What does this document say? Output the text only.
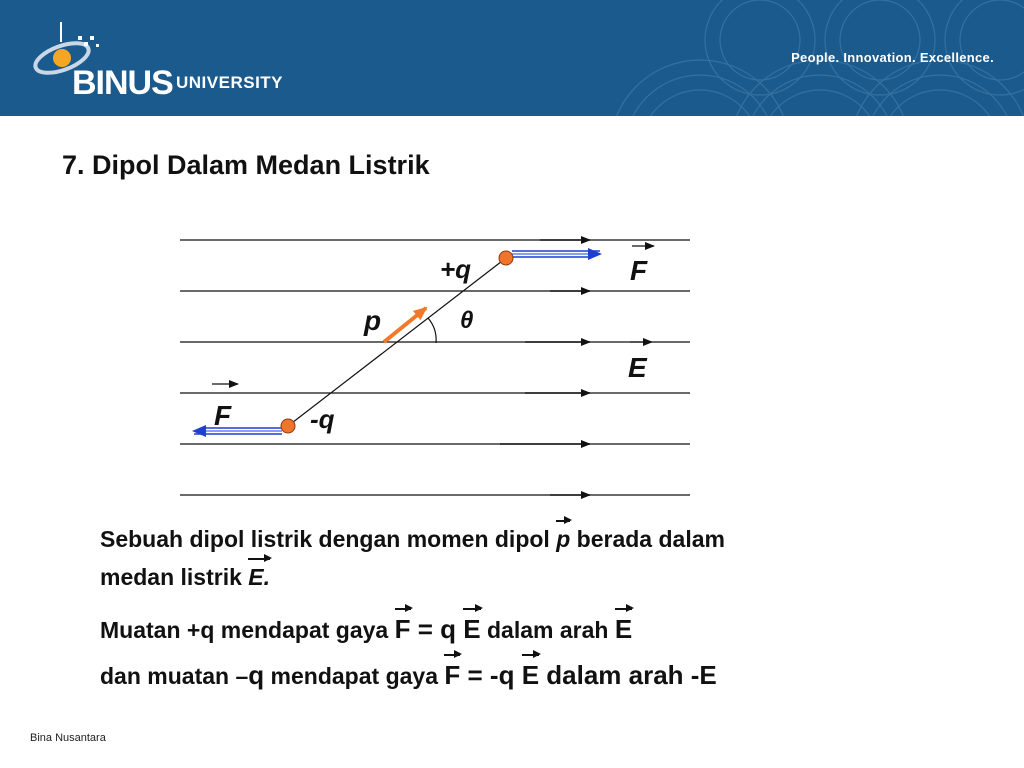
BINUS UNIVERSITY
People. Innovation. Excellence.
7. Dipol Dalam Medan Listrik
+q
-q
p	θ
F
E
F
Sebuah dipol listrik dengan momen dipol p berada dalam
medan listrik E.
Muatan +q mendapat gaya F = q E dalam arah E
dan muatan –q mendapat gaya F = -q E dalam arah -E
Bina Nusantara
